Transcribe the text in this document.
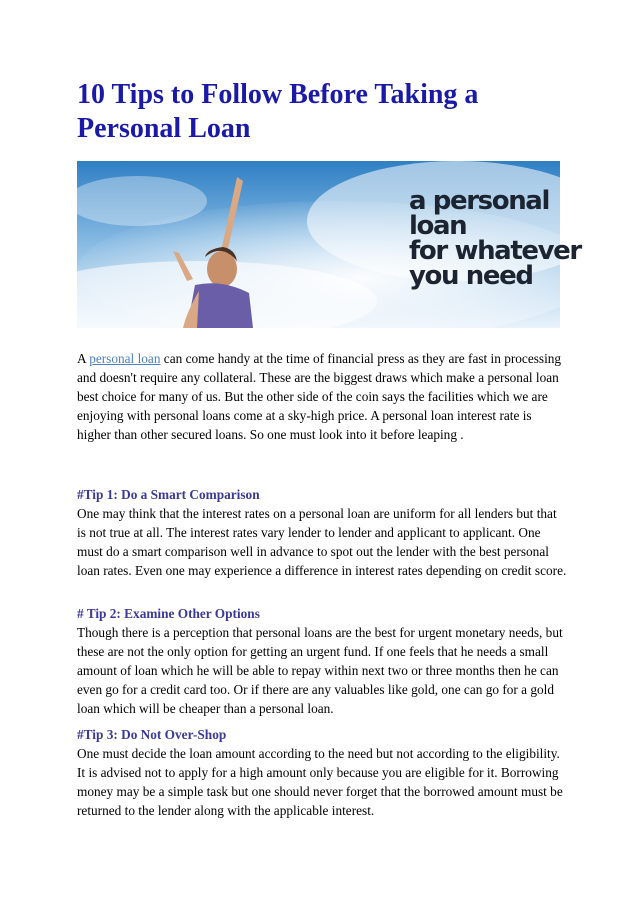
10 Tips to Follow Before Taking a Personal Loan
a personal
loan
for whatever
you need

A personal loan can come handy at the time of financial press as they are fast in processing and doesn't require any collateral. These are the biggest draws which make a personal loan best choice for many of us. But the other side of the coin says the facilities which we are enjoying with personal loans come at a sky-high price. A personal loan interest rate is higher than other secured loans. So one must look into it before leaping .

#Tip 1: Do a Smart Comparison

One may think that the interest rates on a personal loan are uniform for all lenders but that is not true at all. The interest rates vary lender to lender and applicant to applicant. One must do a smart comparison well in advance to spot out the lender with the best personal loan rates. Even one may experience a difference in interest rates depending on credit score.

# Tip 2: Examine Other Options

Though there is a perception that personal loans are the best for urgent monetary needs, but these are not the only option for getting an urgent fund. If one feels that he needs a small amount of loan which he will be able to repay within next two or three months then he can even go for a credit card too. Or if there are any valuables like gold, one can go for a gold loan which will be cheaper than a personal loan.

#Tip 3: Do Not Over-Shop

One must decide the loan amount according to the need but not according to the eligibility. It is advised not to apply for a high amount only because you are eligible for it. Borrowing money may be a simple task but one should never forget that the borrowed amount must be returned to the lender along with the applicable interest.
